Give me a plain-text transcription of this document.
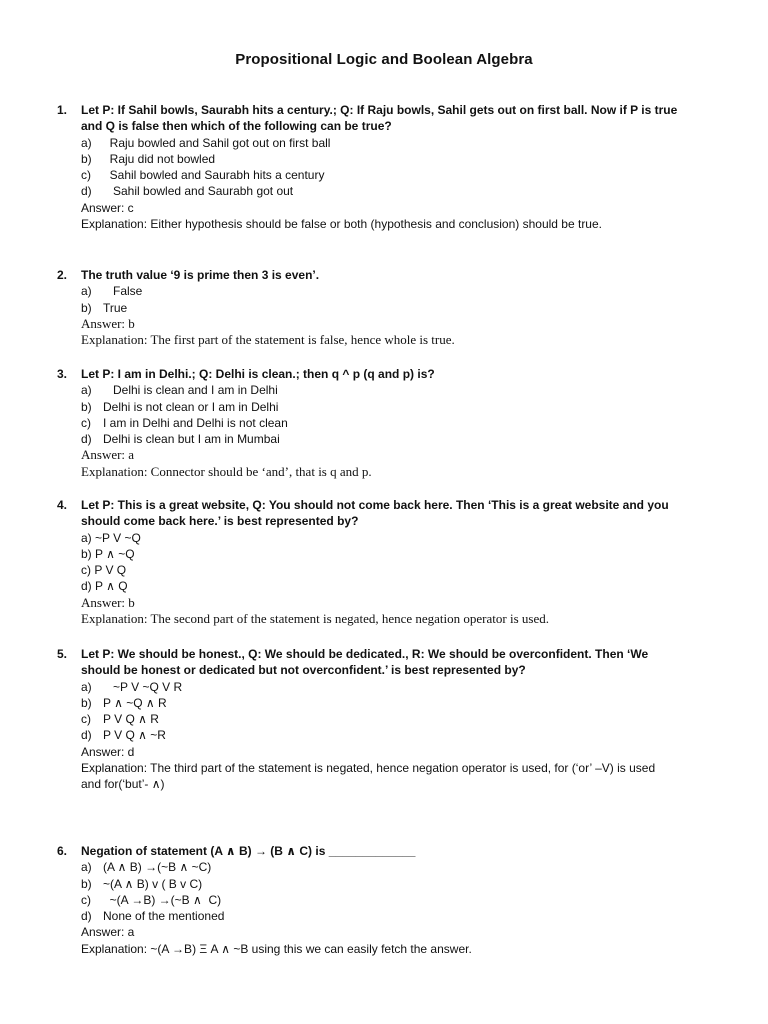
Propositional Logic and Boolean Algebra
1. Let P: If Sahil bowls, Saurabh hits a century.; Q: If Raju bowls, Sahil gets out on first ball. Now if P is true
and Q is false then which of the following can be true?
a)  Raju bowled and Sahil got out on first ball
b)  Raju did not bowled
c)  Sahil bowled and Saurabh hits a century
d)   Sahil bowled and Saurabh got out
Answer: c
Explanation: Either hypothesis should be false or both (hypothesis and conclusion) should be true.
2. The truth value ‘9 is prime then 3 is even’.
a)   False
b) True
Answer: b
Explanation: The first part of the statement is false, hence whole is true.
3. Let P: I am in Delhi.; Q: Delhi is clean.; then q ^ p (q and p) is?
a)   Delhi is clean and I am in Delhi
b) Delhi is not clean or I am in Delhi
c) I am in Delhi and Delhi is not clean
d) Delhi is clean but I am in Mumbai
Answer: a
Explanation: Connector should be ‘and’, that is q and p.
4. Let P: This is a great website, Q: You should not come back here. Then ‘This is a great website and you
should come back here.’ is best represented by?
a) ~P V ~Q
b) P ∧ ~Q
c) P V Q
d) P ∧ Q
Answer: b
Explanation: The second part of the statement is negated, hence negation operator is used.
5. Let P: We should be honest., Q: We should be dedicated., R: We should be overconfident. Then ‘We
should be honest or dedicated but not overconfident.’ is best represented by?
a)   ~P V ~Q V R
b) P ∧ ~Q ∧ R
c) P V Q ∧ R
d) P V Q ∧ ~R
Answer: d
Explanation: The third part of the statement is negated, hence negation operator is used, for (‘or’ –V) is used
and for(‘but’- ∧)
6. Negation of statement (A ∧ B) → (B ∧ C) is _____________
a) (A ∧ B) →(~B ∧ ~C)
b) ~(A ∧ B) v ( B v C)
c)  ~(A →B) →(~B ∧  C)
d) None of the mentioned
Answer: a
Explanation: ~(A →B) Ξ A ∧ ~B using this we can easily fetch the answer.
